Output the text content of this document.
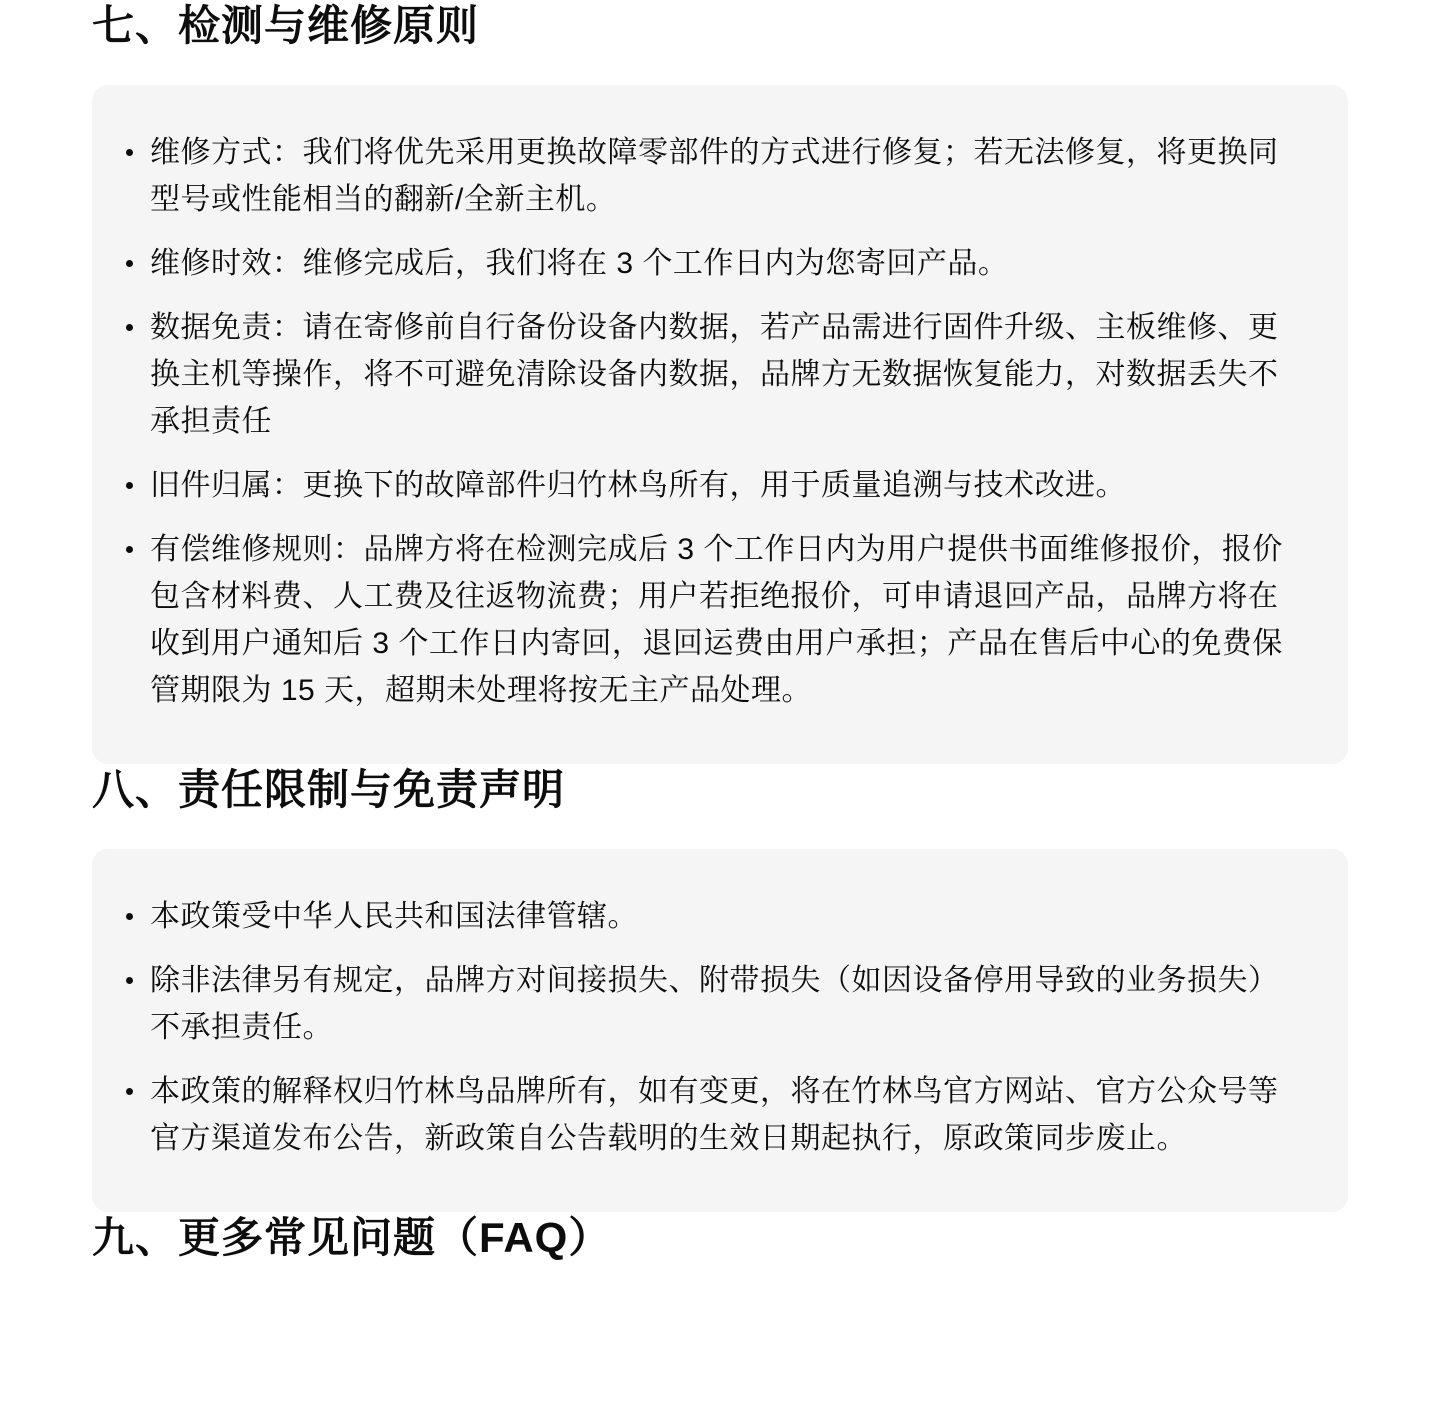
七、检测与维修原则
维修方式：我们将优先采用更换故障零部件的方式进行修复；若无法修复，将更换同型号或性能相当的翻新/全新主机。
维修时效：维修完成后，我们将在 3 个工作日内为您寄回产品。
数据免责：请在寄修前自行备份设备内数据，若产品需进行固件升级、主板维修、更换主机等操作，将不可避免清除设备内数据，品牌方无数据恢复能力，对数据丢失不承担责任
旧件归属：更换下的故障部件归竹林鸟所有，用于质量追溯与技术改进。
有偿维修规则：品牌方将在检测完成后 3 个工作日内为用户提供书面维修报价，报价包含材料费、人工费及往返物流费；用户若拒绝报价，可申请退回产品，品牌方将在收到用户通知后 3 个工作日内寄回，退回运费由用户承担；产品在售后中心的免费保管期限为 15 天，超期未处理将按无主产品处理。
八、责任限制与免责声明
本政策受中华人民共和国法律管辖。
除非法律另有规定，品牌方对间接损失、附带损失（如因设备停用导致的业务损失）不承担责任。
本政策的解释权归竹林鸟品牌所有，如有变更，将在竹林鸟官方网站、官方公众号等官方渠道发布公告，新政策自公告载明的生效日期起执行，原政策同步废止。
九、更多常见问题（FAQ）
